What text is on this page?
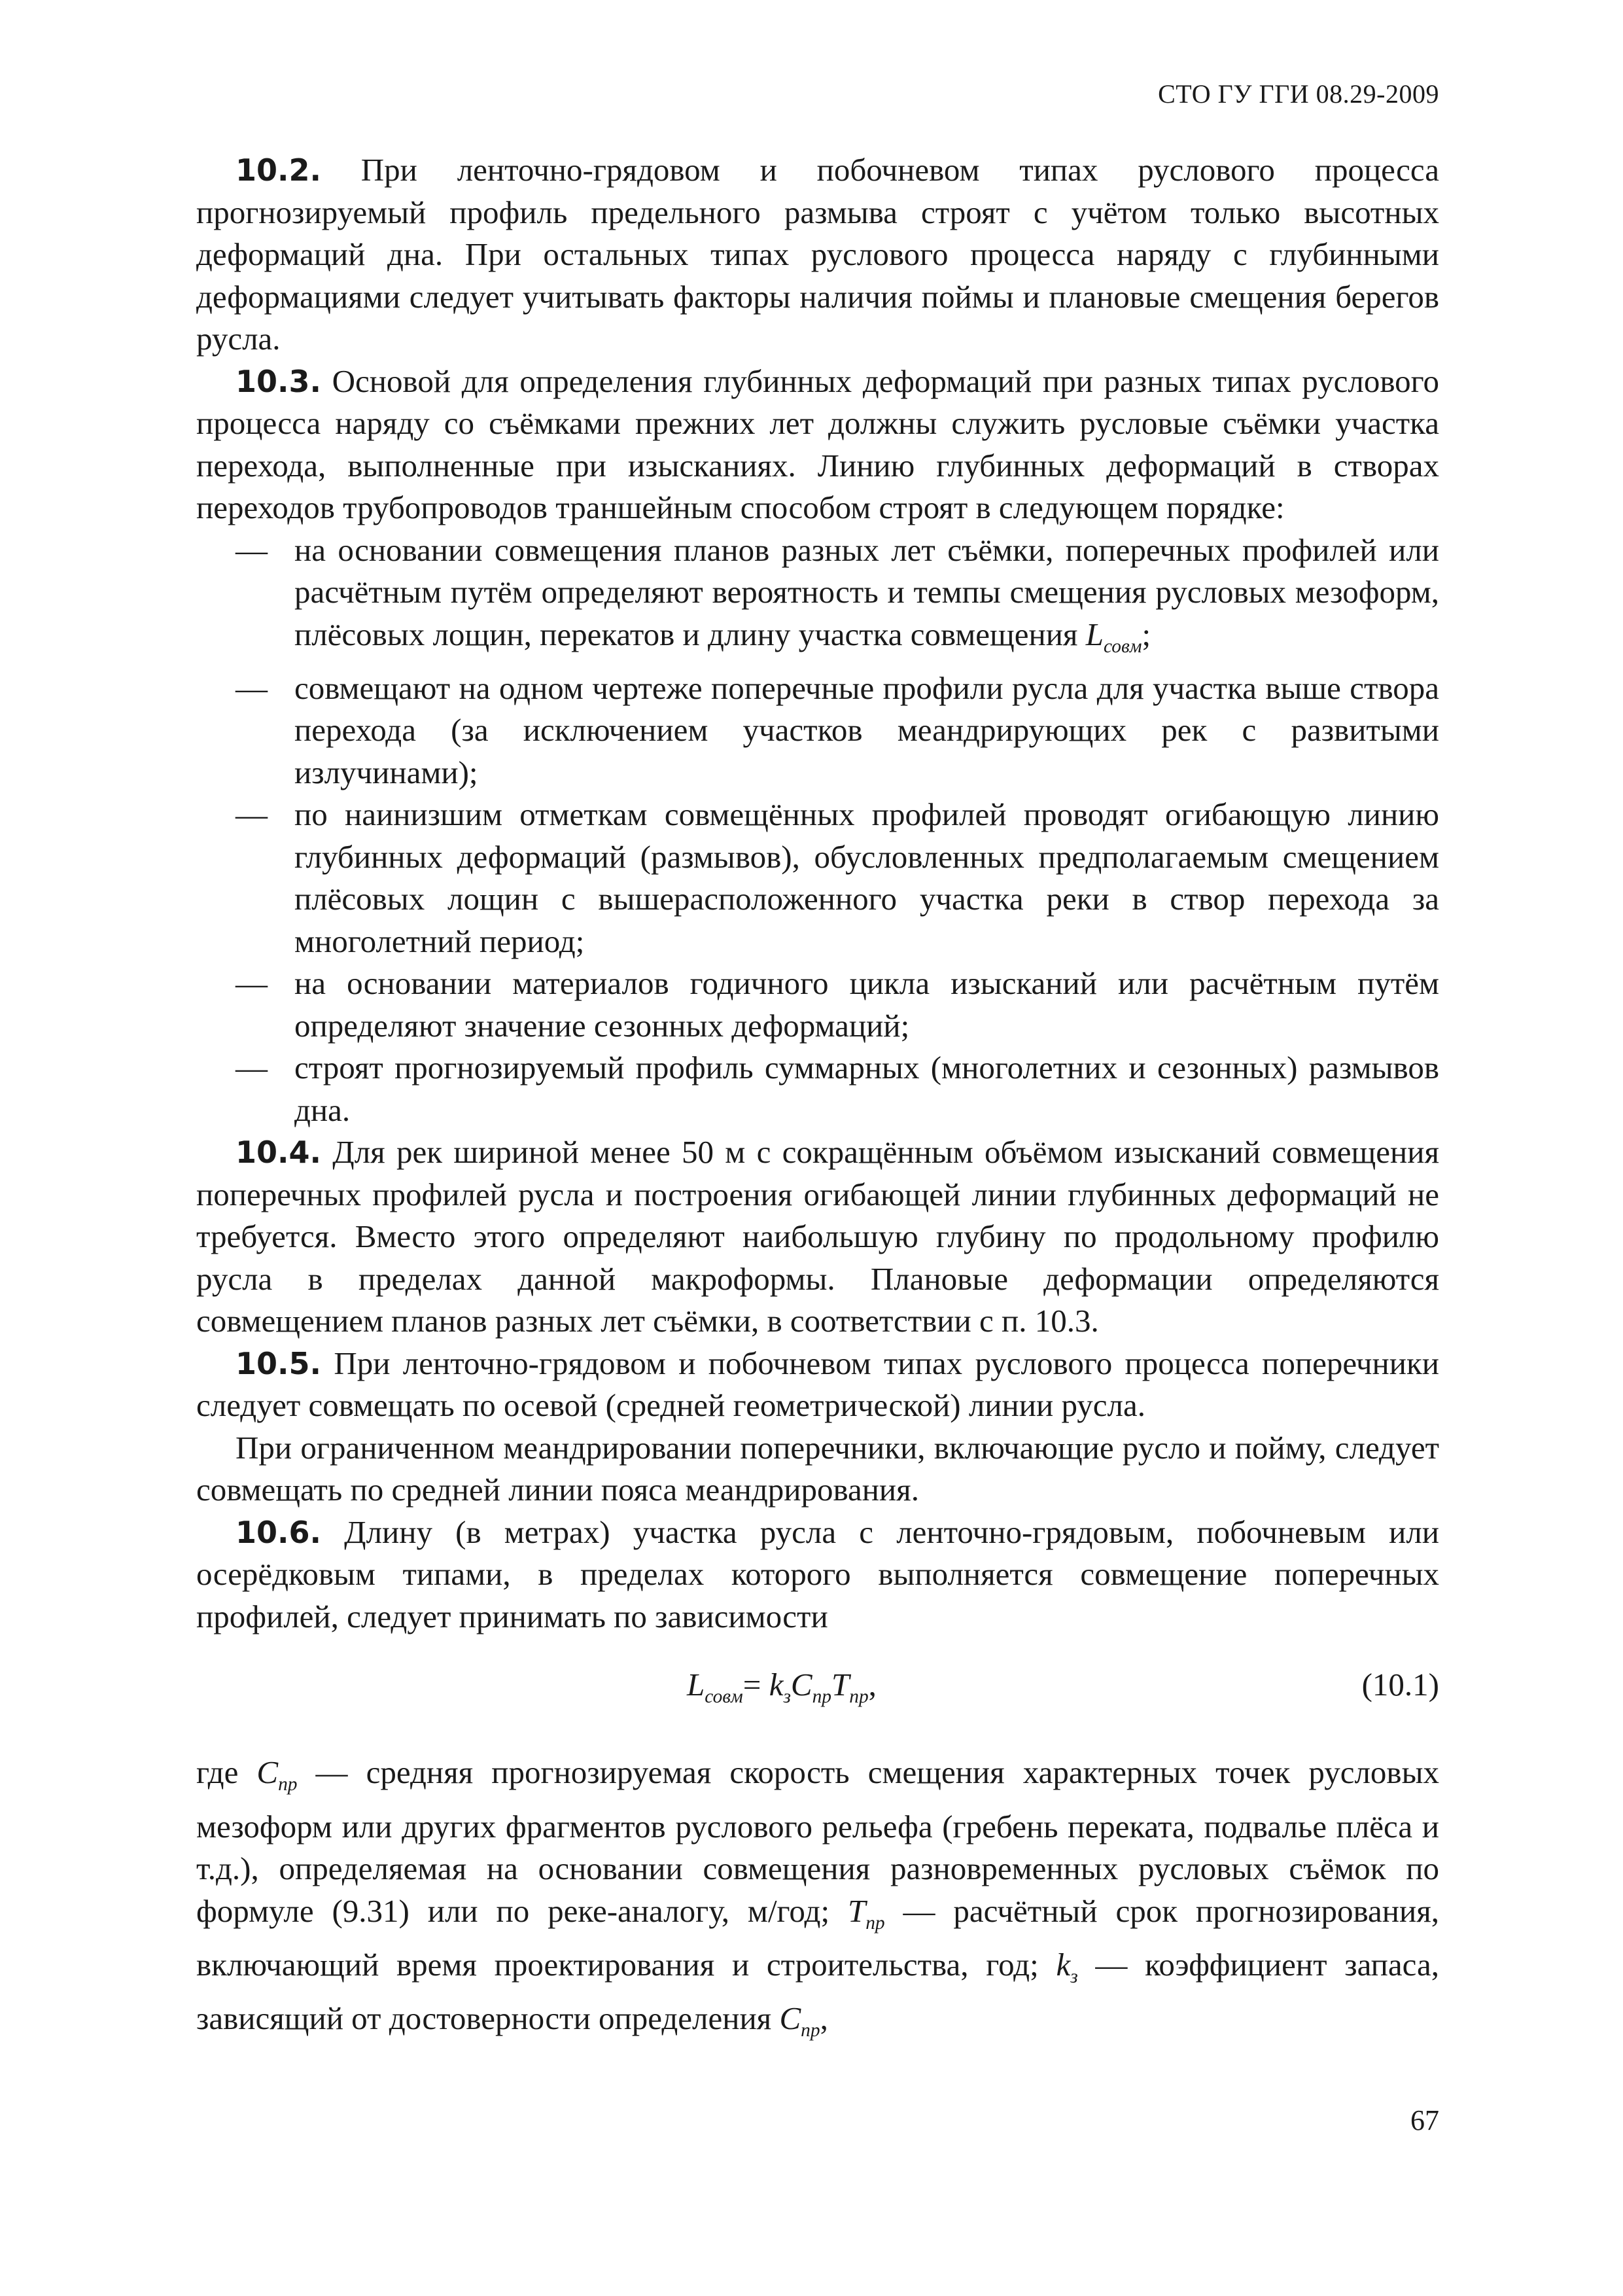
СТО ГУ ГГИ 08.29-2009

10.2. При ленточно-грядовом и побочневом типах руслового процесса прогнозируемый профиль предельного размыва строят с учётом только высотных деформаций дна. При остальных типах руслового процесса наряду с глубинными деформациями следует учитывать факторы наличия поймы и плановые смещения берегов русла.

10.3. Основой для определения глубинных деформаций при разных типах руслового процесса наряду со съёмками прежних лет должны служить русловые съёмки участка перехода, выполненные при изысканиях. Линию глубинных деформаций в створах переходов трубопроводов траншейным способом строят в следующем порядке:

— на основании совмещения планов разных лет съёмки, поперечных профилей или расчётным путём определяют вероятность и темпы смещения русловых мезоформ, плёсовых лощин, перекатов и длину участка совмещения $L_{совм}$;
— совмещают на одном чертеже поперечные профили русла для участка выше створа перехода (за исключением участков меандрирующих рек с развитыми излучинами);
— по наинизшим отметкам совмещённых профилей проводят огибающую линию глубинных деформаций (размывов), обусловленных предполагаемым смещением плёсовых лощин с вышерасположенного участка реки в створ перехода за многолетний период;
— на основании материалов годичного цикла изысканий или расчётным путём определяют значение сезонных деформаций;
— строят прогнозируемый профиль суммарных (многолетних и сезонных) размывов дна.

10.4. Для рек шириной менее 50 м с сокращённым объёмом изысканий совмещения поперечных профилей русла и построения огибающей линии глубинных деформаций не требуется. Вместо этого определяют наибольшую глубину по продольному профилю русла в пределах данной макроформы. Плановые деформации определяются совмещением планов разных лет съёмки, в соответствии с п. 10.3.

10.5. При ленточно-грядовом и побочневом типах руслового процесса поперечники следует совмещать по осевой (средней геометрической) линии русла.

При ограниченном меандрировании поперечники, включающие русло и пойму, следует совмещать по средней линии пояса меандрирования.

10.6. Длину (в метрах) участка русла с ленточно-грядовым, побочневым или осерёдковым типами, в пределах которого выполняется совмещение поперечных профилей, следует принимать по зависимости

$L_{совм}= k_зC_{пр}T_{пр}$,	(10.1)

где $C_{пр}$ — средняя прогнозируемая скорость смещения характерных точек русловых мезоформ или других фрагментов руслового рельефа (гребень переката, подвалье плёса и т.д.), определяемая на основании совмещения разновременных русловых съёмок по формуле (9.31) или по реке-аналогу, м/год; $T_{пр}$ — расчётный срок прогнозирования, включающий время проектирования и строительства, год; $k_з$ — коэффициент запаса, зависящий от достоверности определения $C_{пр}$,

67
